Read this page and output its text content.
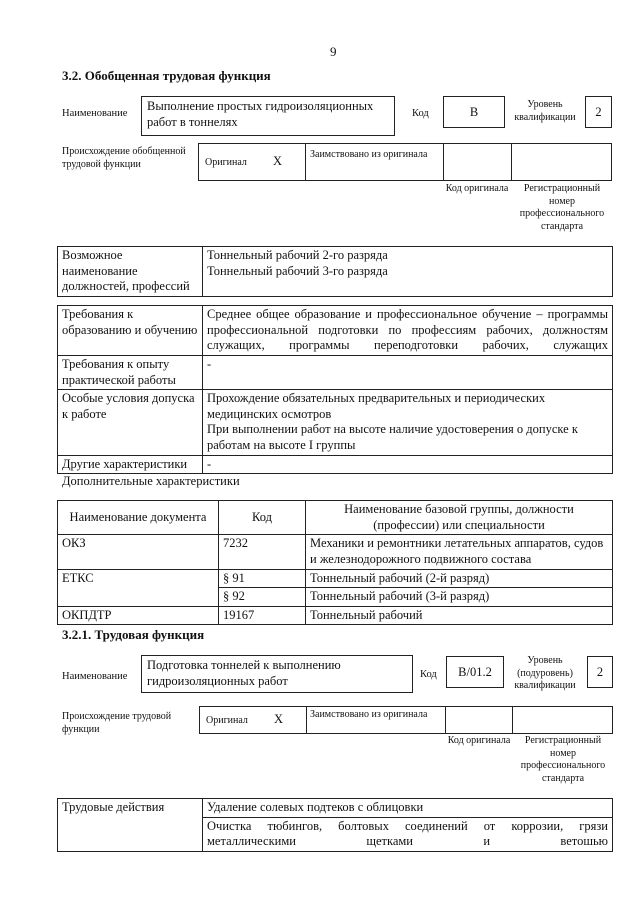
9
3.2. Обобщенная трудовая функция
Наименование
Выполнение простых гидроизоляционных работ в тоннелях
Код	B
Уровень квалификации	2
Происхождение обобщенной трудовой функции	Оригинал X	Заимствовано из оригинала
Код оригинала	Регистрационный номер профессионального стандарта
Возможное наименование должностей, профессий	
Тоннельный рабочий 2-го разряда
Тоннельный рабочий 3-го разряда
Требования к образованию и обучению	Среднее общее образование и профессиональное обучение – программы профессиональной подготовки по профессиям рабочих, должностям служащих, программы переподготовки рабочих, служащих
Требования к опыту практической работы	-
Особые условия допуска к работе	Прохождение обязательных предварительных и периодических медицинских осмотров
При выполнении работ на высоте наличие удостоверения о допуске к работам на высоте I группы

Другие характеристики	-
Дополнительные характеристики
Наименование документа	Код	Наименование базовой группы, должности (профессии) или специальности
ОКЗ	7232	Механики и ремонтники летательных аппаратов, судов и железнодорожного подвижного состава
ЕТКС	§ 91	Тоннельный рабочий (2-й разряд)
	§ 92	Тоннельный рабочий (3-й разряд)
ОКПДТР	19167	Тоннельный рабочий
3.2.1. Трудовая функция
Наименование
Подготовка тоннелей к выполнению гидроизоляционных работ	Код	B/01.2
Уровень (подуровень) квалификации
2
Происхождение трудовой функции
Оригинал X	Заимствовано из оригинала
Код оригинала	Регистрационный номер профессионального стандарта
Трудовые действия	Удаление солевых подтеков с облицовки
Очистка тюбингов, болтовых соединений от коррозии, грязи металлическими щетками и ветошью
